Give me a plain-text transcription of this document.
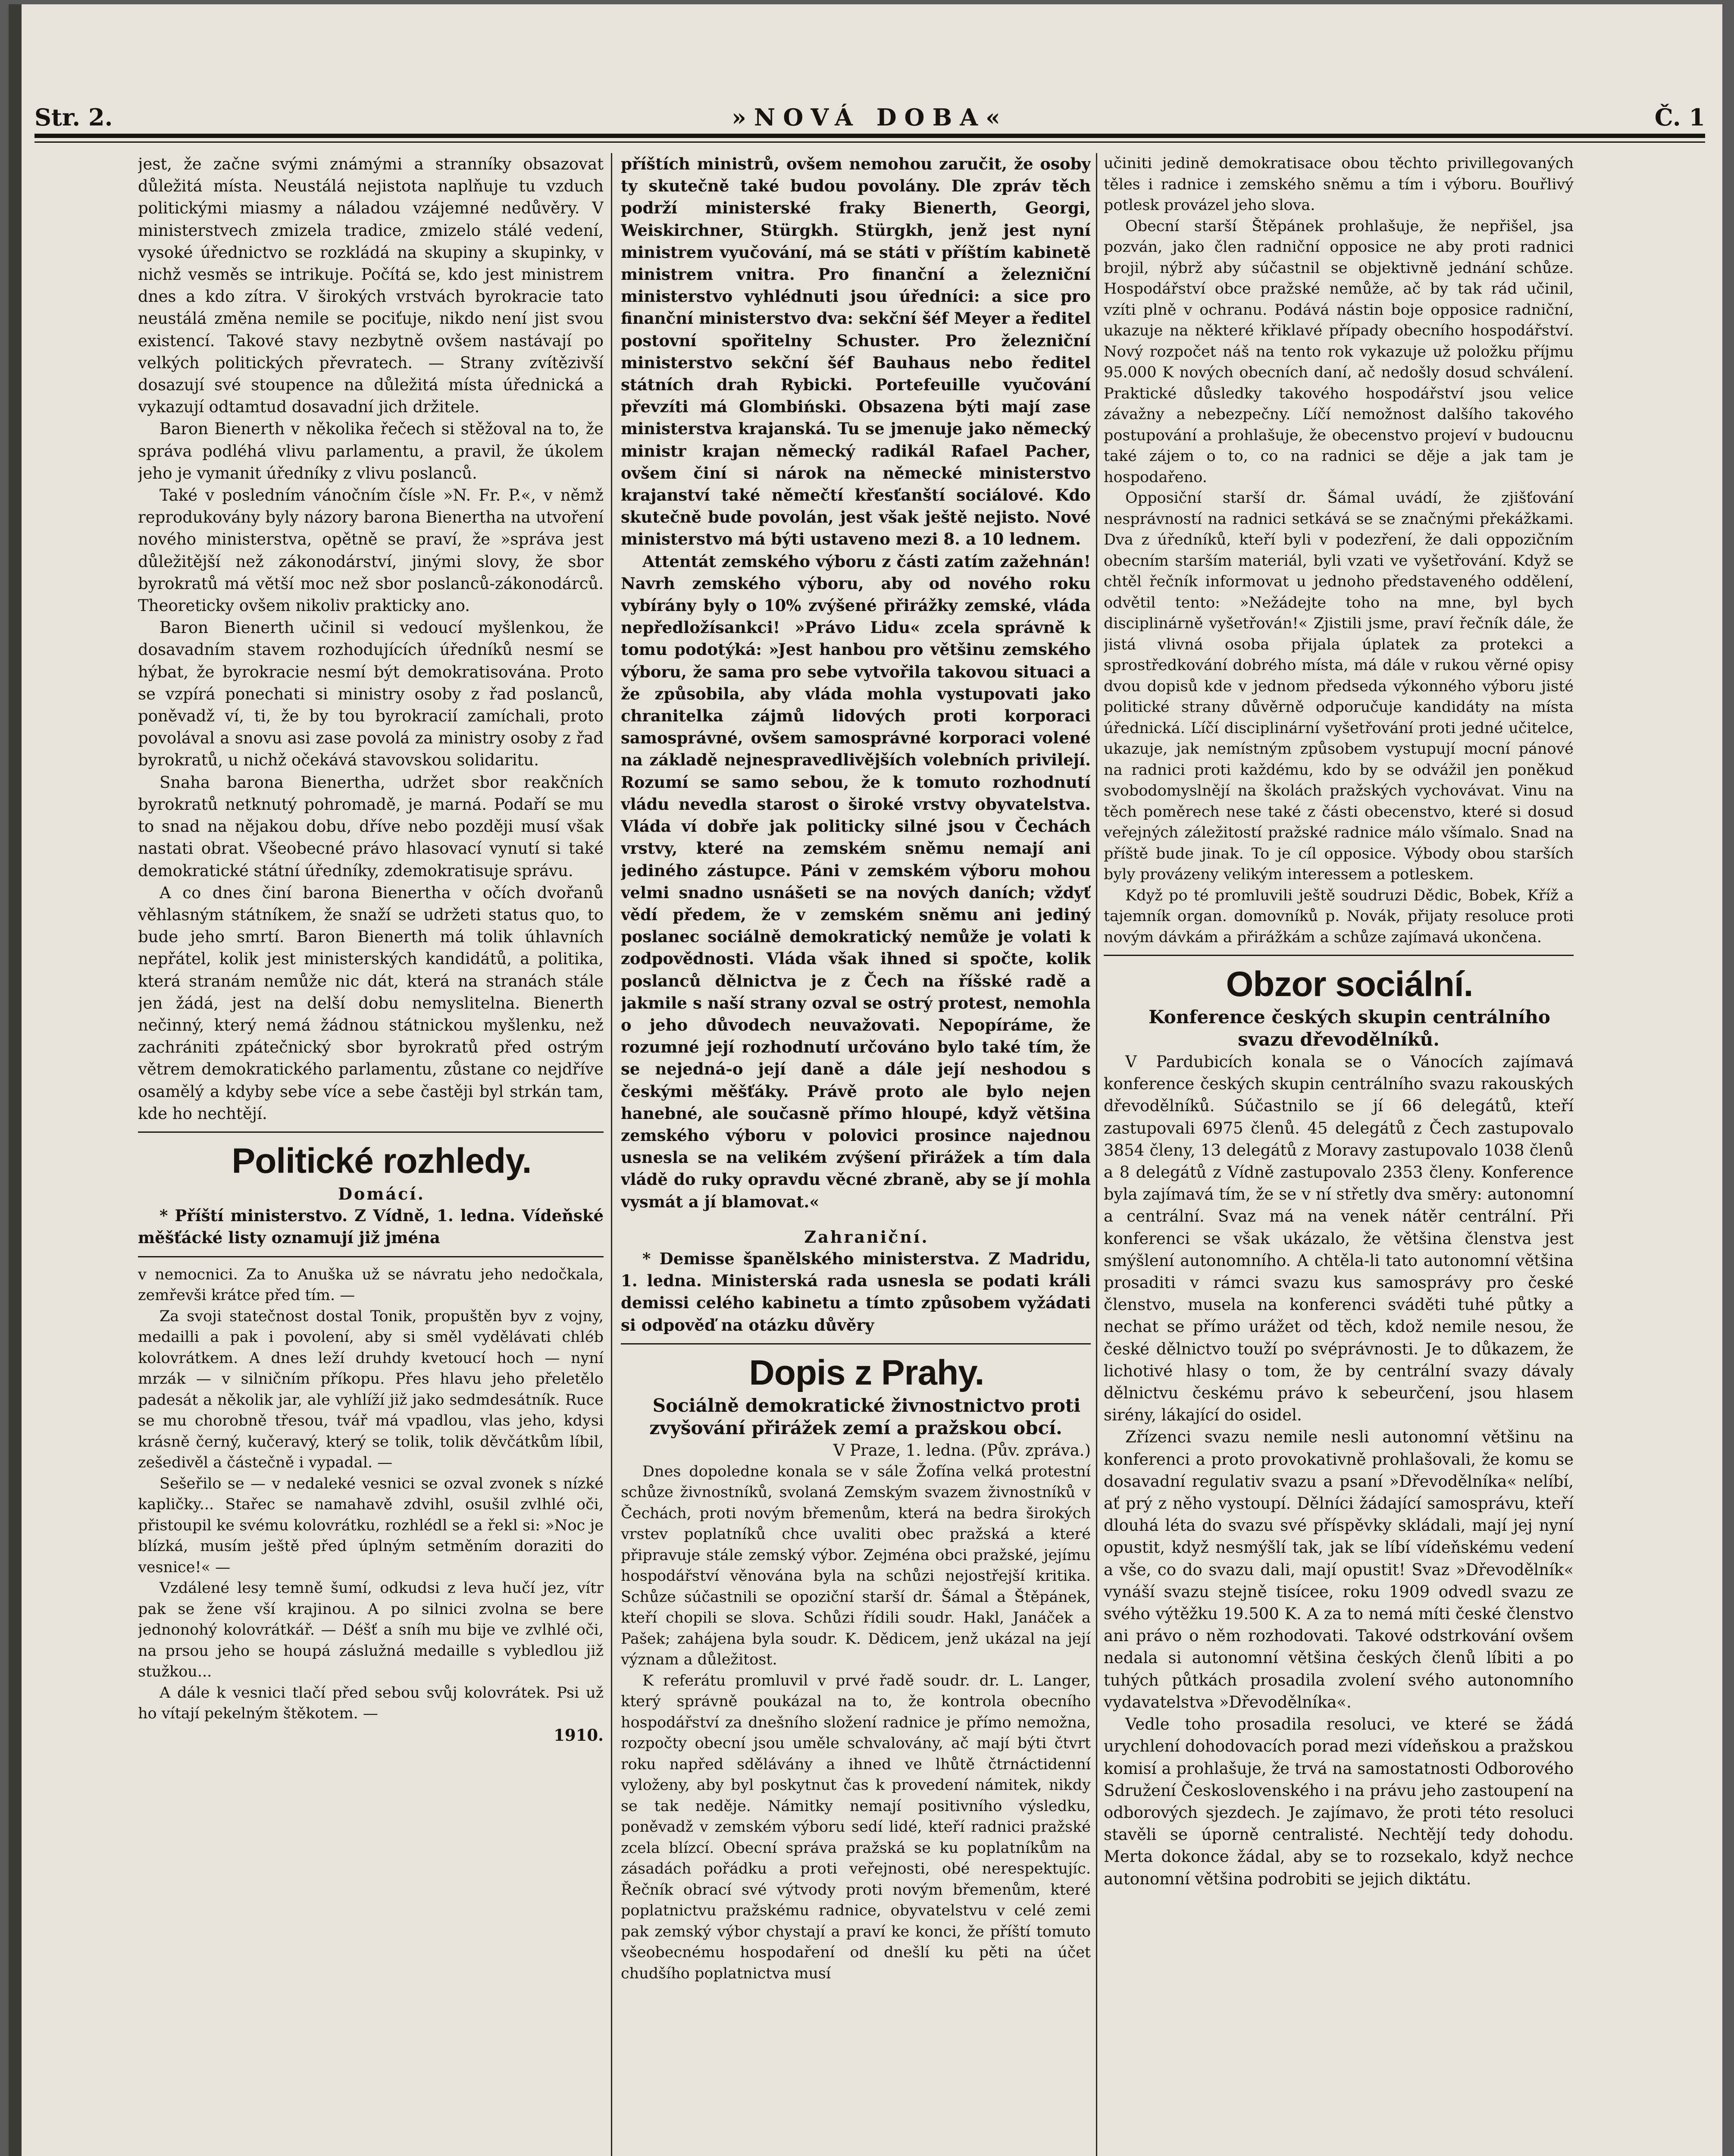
Str. 2.	»NOVÁ DOBA«	Č. 1

jest, že začne svými známými a stranníky obsazovat důležitá místa. Neustálá nejistota naplňuje tu vzduch politickými miasmy a náladou vzájemné nedůvěry. V ministerstvech zmizela tradice, zmizelo stálé vedení, vysoké úřednictvo se rozkládá na skupiny a skupinky, v nichž vesměs se intrikuje. Počítá se, kdo jest ministrem dnes a kdo zítra. V širokých vrstvách byrokracie tato neustálá změna nemile se pociťuje, nikdo není jist svou existencí. Takové stavy nezbytně ovšem nastávají po velkých politických převratech. — Strany zvítězivší dosazují své stoupence na důležitá místa úřednická a vykazují odtamtud dosavadní jich držitele.

Baron Bienerth v několika řečech si stěžoval na to, že správa podléhá vlivu parlamentu, a pravil, že úkolem jeho je vymanit úředníky z vlivu poslanců.

Také v posledním vánočním čísle »N. Fr. P.«, v němž reprodukovány byly názory barona Bienertha na utvoření nového ministerstva, opětně se praví, že »správa jest důležitější než zákonodárství, jinými slovy, že sbor byrokratů má větší moc než sbor poslanců-zákonodárců. Theoreticky ovšem nikoliv prakticky ano.

Baron Bienerth učinil si vedoucí myšlenkou, že dosavadním stavem rozhodujících úředníků nesmí se hýbat, že byrokracie nesmí být demokratisována. Proto se vzpírá ponechati si ministry osoby z řad poslanců, poněvadž ví, ti, že by tou byrokracií zamíchali, proto povolával a snovu asi zase povolá za ministry osoby z řad byrokratů, u nichž očekává stavovskou solidaritu.

Snaha barona Bienertha, udržet sbor reakčních byrokratů netknutý pohromadě, je marná. Podaří se mu to snad na nějakou dobu, dříve nebo později musí však nastati obrat. Všeobecné právo hlasovací vynutí si také demokratické státní úředníky, zdemokratisuje správu.

A co dnes činí barona Bienertha v očích dvořanů věhlasným státníkem, že snaží se udržeti status quo, to bude jeho smrtí. Baron Bienerth má tolik úhlavních nepřátel, kolik jest ministerských kandidátů, a politika, která stranám nemůže nic dát, která na stranách stále jen žádá, jest na delší dobu nemyslitelna. Bienerth nečinný, který nemá žádnou státnickou myšlenku, než zachrániti zpátečnický sbor byrokratů před ostrým větrem demokratického parlamentu, zůstane co nejdříve osamělý a kdyby sebe více a sebe častěji byl strkán tam, kde ho nechtějí.

Politické rozhledy.

Domácí.

* Příští ministerstvo. Z Vídně, 1. ledna. Vídeňské měšťácké listy oznamují již jména

v nemocnici. Za to Anuška už se návratu jeho nedočkala, zemřevši krátce před tím. —

Za svoji statečnost dostal Tonik, propuštěn byv z vojny, medailli a pak i povolení, aby si směl vydělávati chléb kolovrátkem. A dnes leží druhdy kvetoucí hoch — nyní mrzák — v silničním příkopu. Přes hlavu jeho přeletělo padesát a několik jar, ale vyhlíží již jako sedmdesátník. Ruce se mu chorobně třesou, tvář má vpadlou, vlas jeho, kdysi krásně černý, kučeravý, který se tolik, tolik děvčátkům líbil, zešedivěl a částečně i vypadal. —

Sešeřilo se — v nedaleké vesnici se ozval zvonek s nízké kapličky... Stařec se namahavě zdvihl, osušil zvlhlé oči, přistoupil ke svému kolovrátku, rozhlédl se a řekl si: »Noc je blízká, musím ještě před úplným setměním doraziti do vesnice!« —

Vzdálené lesy temně šumí, odkudsi z leva hučí jez, vítr pak se žene vší krajinou. A po silnici zvolna se bere jednonohý kolovrátkář. — Déšť a sníh mu bije ve zvlhlé oči, na prsou jeho se houpá záslužná medaille s vybledlou již stužkou...

A dále k vesnici tlačí před sebou svůj kolovrátek. Psi už ho vítají pekelným štěkotem. —

1910.

příštích ministrů, ovšem nemohou zaručit, že osoby ty skutečně také budou povolány. Dle zpráv těch podrží ministerské fraky Bienerth, Georgi, Weiskirchner, Stürgkh. Stürgkh, jenž jest nyní ministrem vyučování, má se státi v příštím kabinetě ministrem vnitra. Pro finanční a železniční ministerstvo vyhlédnuti jsou úředníci: a sice pro finanční ministerstvo dva: sekční šéf Meyer a ředitel postovní spořitelny Schuster. Pro železniční ministerstvo sekční šéf Bauhaus nebo ředitel státních drah Rybicki. Portefeuille vyučování převzíti má Glombiński. Obsazena býti mají zase ministerstva krajanská. Tu se jmenuje jako německý ministr krajan německý radikál Rafael Pacher, ovšem činí si nárok na německé ministerstvo krajanství také němečtí křesťanští sociálové. Kdo skutečně bude povolán, jest však ještě nejisto. Nové ministerstvo má býti ustaveno mezi 8. a 10 lednem.

Attentát zemského výboru z části zatím zažehnán! Navrh zemského výboru, aby od nového roku vybírány byly o 10% zvýšené přirážky zemské, vláda nepředložísankci! »Právo Lidu« zcela správně k tomu podotýká: »Jest hanbou pro většinu zemského výboru, že sama pro sebe vytvořila takovou situaci a že způsobila, aby vláda mohla vystupovati jako chranitelka zájmů lidových proti korporaci samosprávné, ovšem samosprávné korporaci volené na základě nejnespravedlivějších volebních privilejí. Rozumí se samo sebou, že k tomuto rozhodnutí vládu nevedla starost o široké vrstvy obyvatelstva. Vláda ví dobře jak politicky silné jsou v Čechách vrstvy, které na zemském sněmu nemají ani jediného zástupce. Páni v zemském výboru mohou velmi snadno usnášeti se na nových daních; vždyť vědí předem, že v zemském sněmu ani jediný poslanec sociálně demokratický nemůže je volati k zodpovědnosti. Vláda však ihned si spočte, kolik poslanců dělnictva je z Čech na říšské radě a jakmile s naší strany ozval se ostrý protest, nemohla o jeho důvodech neuvažovati. Nepopíráme, že rozumné její rozhodnutí určováno bylo také tím, že se nejedná-o její daně a dále její neshodou s českými měšťáky. Právě proto ale bylo nejen hanebné, ale současně přímo hloupé, když většina zemského výboru v polovici prosince najednou usnesla se na velikém zvýšení přirážek a tím dala vládě do ruky opravdu věcné zbraně, aby se jí mohla vysmát a jí blamovat.«

Zahraniční.

* Demisse španělského ministerstva. Z Madridu, 1. ledna. Ministerská rada usnesla se podati králi demissi celého kabinetu a tímto způsobem vyžádati si odpověď na otázku důvěry

Dopis z Prahy.

Sociálně demokratické živnostnictvo proti zvyšování přirážek zemí a pražskou obcí.

V Praze, 1. ledna. (Pův. zpráva.)

Dnes dopoledne konala se v sále Žofína velká protestní schůze živnostníků, svolaná Zemským svazem živnostníků v Čechách, proti novým břemenům, která na bedra širokých vrstev poplatníků chce uvaliti obec pražská a které připravuje stále zemský výbor. Zejména obci pražské, jejímu hospodářství věnována byla na schůzi nejostřejší kritika. Schůze súčastnili se opoziční starší dr. Šámal a Štěpánek, kteří chopili se slova. Schůzi řídili soudr. Hakl, Janáček a Pašek; zahájena byla soudr. K. Dědicem, jenž ukázal na její význam a důležitost.

K referátu promluvil v prvé řadě soudr. dr. L. Langer, který správně poukázal na to, že kontrola obecního hospodářství za dnešního složení radnice je přímo nemožna, rozpočty obecní jsou uměle schvalovány, ač mají býti čtvrt roku napřed sdělávány a ihned ve lhůtě čtrnáctidenní vyloženy, aby byl poskytnut čas k provedení námitek, nikdy se tak neděje. Námitky nemají positivního výsledku, poněvadž v zemském výboru sedí lidé, kteří radnici pražské zcela blízcí. Obecní správa pražská se ku poplatníkům na zásadách pořádku a proti veřejnosti, obé nerespektujíc. Řečník obrací své výtvody proti novým břemenům, které poplatnictvu pražskému radnice, obyvatelstvu v celé zemi pak zemský výbor chystají a praví ke konci, že příští tomuto všeobecnému hospodaření od dnešlí ku pěti na účet chudšího poplatnictva musí

učiniti jedině demokratisace obou těchto privillegovaných těles i radnice i zemského sněmu a tím i výboru. Bouřlivý potlesk provázel jeho slova.

Obecní starší Štěpánek prohlašuje, že nepřišel, jsa pozván, jako člen radniční opposice ne aby proti radnici brojil, nýbrž aby súčastnil se objektivně jednání schůze. Hospodářství obce pražské nemůže, ač by tak rád učinil, vzíti plně v ochranu. Podává nástin boje opposice radniční, ukazuje na některé křiklavé případy obecního hospodářství. Nový rozpočet náš na tento rok vykazuje už položku příjmu 95.000 K nových obecních daní, ač nedošly dosud schválení. Praktické důsledky takového hospodářství jsou velice závažny a nebezpečny. Líčí nemožnost dalšího takového postupování a prohlašuje, že obecenstvo projeví v budoucnu také zájem o to, co na radnici se děje a jak tam je hospodařeno.

Opposiční starší dr. Šámal uvádí, že zjišťování nesprávností na radnici setkává se se značnými překážkami. Dva z úředníků, kteří byli v podezření, že dali oppozičním obecním starším materiál, byli vzati ve vyšetřování. Když se chtěl řečník informovat u jednoho představeného oddělení, odvětil tento: »Nežádejte toho na mne, byl bych disciplinárně vyšetřován!« Zjistili jsme, praví řečník dále, že jistá vlivná osoba přijala úplatek za protekci a sprostředkování dobrého místa, má dále v rukou věrné opisy dvou dopisů kde v jednom předseda výkonného výboru jisté politické strany důvěrně odporučuje kandidáty na místa úřednická. Líčí disciplinární vyšetřování proti jedné učitelce, ukazuje, jak nemístným způsobem vystupují mocní pánové na radnici proti každému, kdo by se odvážil jen poněkud svobodomyslnějí na školách pražských vychovávat. Vinu na těch poměrech nese také z části obecenstvo, které si dosud veřejných záležitostí pražské radnice málo všímalo. Snad na příště bude jinak. To je cíl opposice. Výbody obou starších byly provázeny velikým interessem a potleskem.

Když po té promluvili ještě soudruzi Dědic, Bobek, Kříž a tajemník organ. domovníků p. Novák, přijaty resoluce proti novým dávkám a přirážkám a schůze zajímavá ukončena.

Obzor sociální.

Konference českých skupin centrálního svazu dřevodělníků.

V Pardubicích konala se o Vánocích zajímavá konference českých skupin centrálního svazu rakouských dřevodělníků. Súčastnilo se jí 66 delegátů, kteří zastupovali 6975 členů. 45 delegátů z Čech zastupovalo 3854 členy, 13 delegátů z Moravy zastupovalo 1038 členů a 8 delegátů z Vídně zastupovalo 2353 členy. Konference byla zajímavá tím, že se v ní střetly dva směry: autonomní a centrální. Svaz má na venek nátěr centrální. Při konferenci se však ukázalo, že většina členstva jest smýšlení autonomního. A chtěla-li tato autonomní většina prosaditi v rámci svazu kus samosprávy pro české členstvo, musela na konferenci sváděti tuhé půtky a nechat se přímo urážet od těch, kdož nemile nesou, že české dělnictvo touží po svéprávnosti. Je to důkazem, že lichotivé hlasy o tom, že by centrální svazy dávaly dělnictvu českému právo k sebeurčení, jsou hlasem sirény, lákající do osidel.

Zřízenci svazu nemile nesli autonomní většinu na konferenci a proto provokativně prohlašovali, že komu se dosavadní regulativ svazu a psaní »Dřevodělníka« nelíbí, ať prý z něho vystoupí. Dělníci žádající samosprávu, kteří dlouhá léta do svazu své příspěvky skládali, mají jej nyní opustit, když nesmýšlí tak, jak se líbí vídeňskému vedení a vše, co do svazu dali, mají opustit! Svaz »Dřevodělník« vynáší svazu stejně tisícee, roku 1909 odvedl svazu ze svého výtěžku 19.500 K. A za to nemá míti české členstvo ani právo o něm rozhodovati. Takové odstrkování ovšem nedala si autonomní většina českých členů líbiti a po tuhých půtkách prosadila zvolení svého autonomního vydavatelstva »Dřevodělníka«.

Vedle toho prosadila resoluci, ve které se žádá urychlení dohodovacích porad mezi vídeňskou a pražskou komisí a prohlašuje, že trvá na samostatnosti Odborového Sdružení Československého i na právu jeho zastoupení na odborových sjezdech. Je zajímavo, že proti této resoluci stavěli se úporně centralisté. Nechtějí tedy dohodu. Merta dokonce žádal, aby se to rozsekalo, když nechce autonomní většina podrobiti se jejich diktátu.
